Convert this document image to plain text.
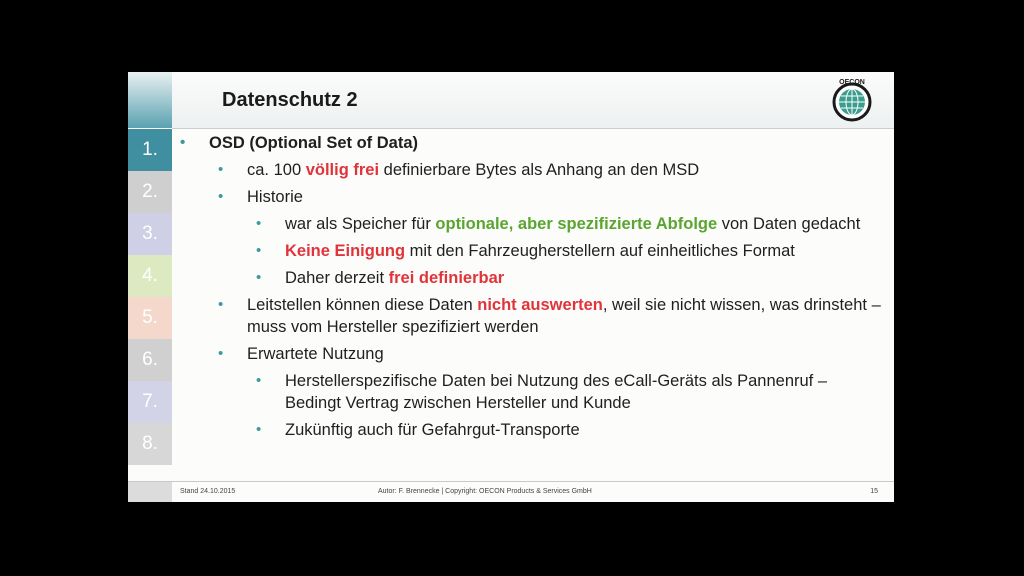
Datenschutz 2
OECON
1.
2.
3.
4.
5.
6.
7.
8.

• OSD (Optional Set of Data)

• ca. 100 völlig frei definierbare Bytes als Anhang an den MSD

• Historie

• war als Speicher für optionale, aber spezifizierte Abfolge von Daten gedacht

• Keine Einigung mit den Fahrzeugherstellern auf einheitliches Format

• Daher derzeit frei definierbar

• Leitstellen können diese Daten nicht auswerten, weil sie nicht wissen, was drinsteht – muss vom Hersteller spezifiziert werden

• Erwartete Nutzung

• Herstellerspezifische Daten bei Nutzung des eCall-Geräts als Pannenruf – Bedingt Vertrag zwischen Hersteller und Kunde

• Zukünftig auch für Gefahrgut-Transporte

Stand 24.10.2015	Autor: F. Brennecke | Copyright: OECON Products & Services GmbH	15
